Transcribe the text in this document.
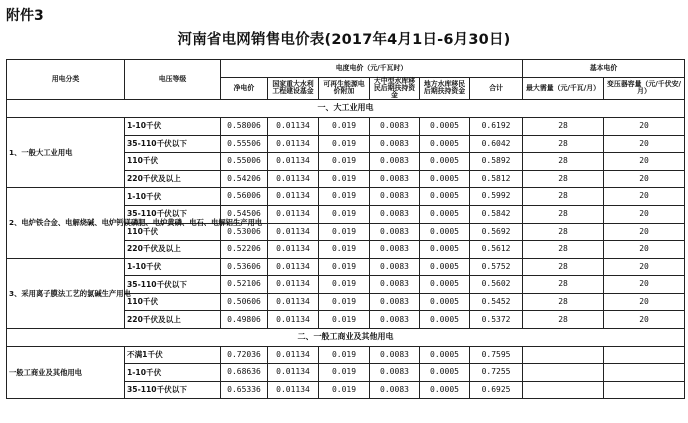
附件3
河南省电网销售电价表(2017年4月1日-6月30日)
用电分类	电压等级	电度电价（元/千瓦时）						基本电价	
		净电价	国家重大水利工程建设基金	可再生能源电价附加	大中型水库移民后期扶持资金	地方水库移民后期扶持资金	合计	最大需量（元/千瓦/月）	变压器容量（元/千伏安/月）
一、大工业用电									
1、一般大工业用电	1-10千伏	0.58006	0.01134	0.019	0.0083	0.0005	0.6192	28	20
	35-110千伏以下	0.55506	0.01134	0.019	0.0083	0.0005	0.6042	28	20
	110千伏	0.55006	0.01134	0.019	0.0083	0.0005	0.5892	28	20
	220千伏及以上	0.54206	0.01134	0.019	0.0083	0.0005	0.5812	28	20
2、电炉铁合金、电解烧碱、电炉钙镁磷肥、电炉黄磷、电石、电解铝生产用电	1-10千伏	0.56006	0.01134	0.019	0.0083	0.0005	0.5992	28	20
	35-110千伏以下	0.54506	0.01134	0.019	0.0083	0.0005	0.5842	28	20
	110千伏	0.53006	0.01134	0.019	0.0083	0.0005	0.5692	28	20
	220千伏及以上	0.52206	0.01134	0.019	0.0083	0.0005	0.5612	28	20
3、采用离子膜法工艺的氯碱生产用电	1-10千伏	0.53606	0.01134	0.019	0.0083	0.0005	0.5752	28	20
	35-110千伏以下	0.52106	0.01134	0.019	0.0083	0.0005	0.5602	28	20
	110千伏	0.50606	0.01134	0.019	0.0083	0.0005	0.5452	28	20
	220千伏及以上	0.49806	0.01134	0.019	0.0083	0.0005	0.5372	28	20
二、一般工商业及其他用电									
一般工商业及其他用电	不满1千伏	0.72036	0.01134	0.019	0.0083	0.0005	0.7595		
	1-10千伏	0.68636	0.01134	0.019	0.0083	0.0005	0.7255		
	35-110千伏以下	0.65336	0.01134	0.019	0.0083	0.0005	0.6925		
